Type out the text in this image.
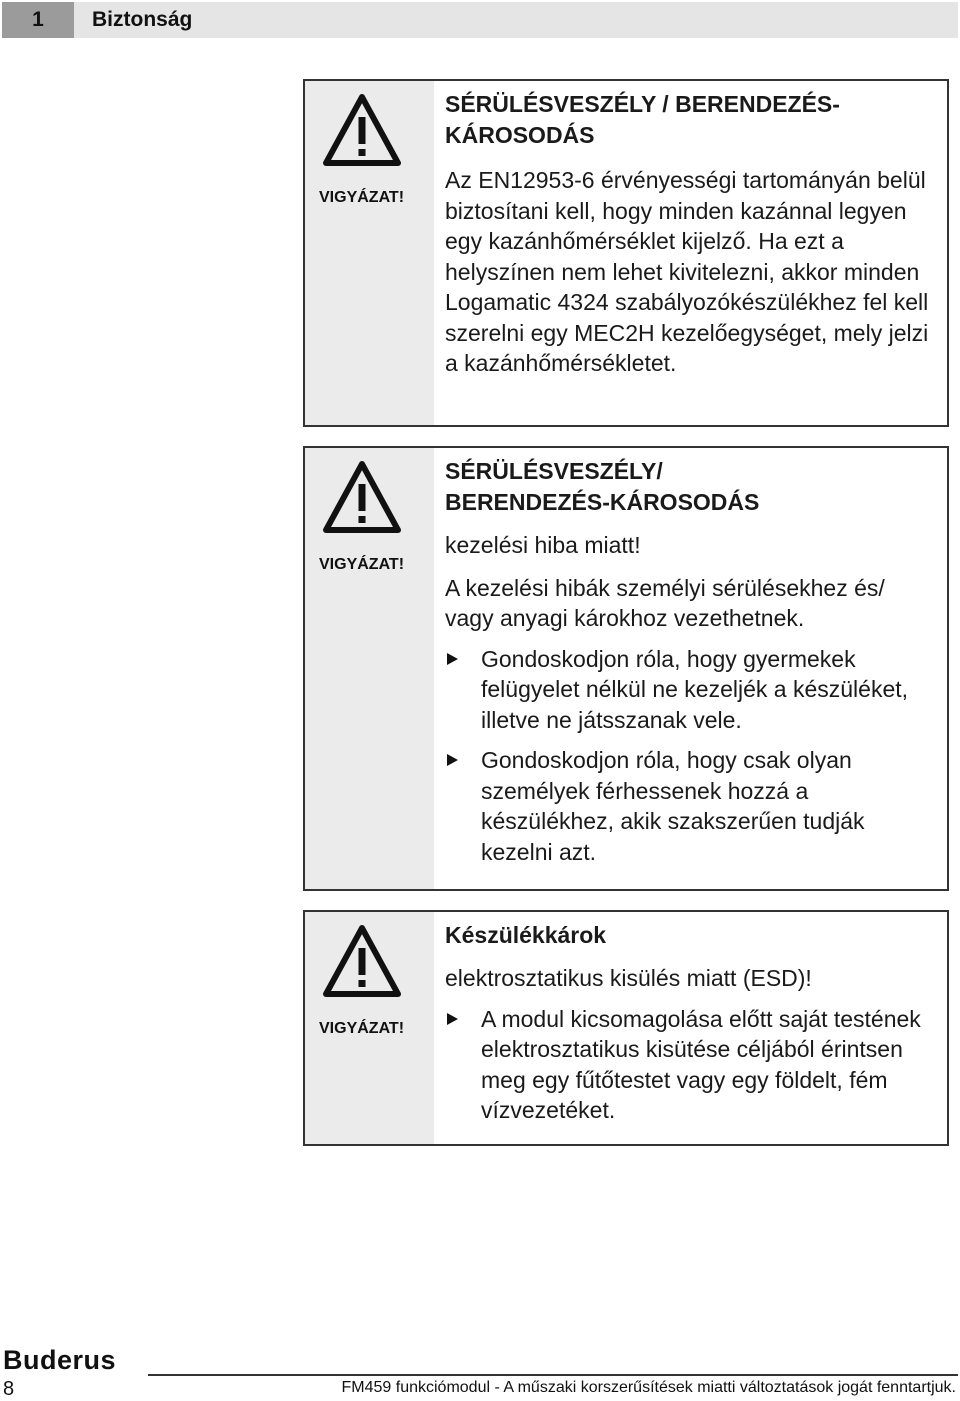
1	Biztonság
VIGYÁZAT!

SÉRÜLÉSVESZÉLY / BERENDEZÉS-
KÁROSODÁS

Az EN12953-6 érvényességi tartományán belül biztosítani kell, hogy minden kazánnal legyen egy kazánhőmérséklet kijelző. Ha ezt a helyszínen nem lehet kivitelezni, akkor minden Logamatic 4324 szabályozókészülékhez fel kell szerelni egy MEC2H kezelőegységet, mely jelzi a kazánhőmérsékletet.

VIGYÁZAT!

SÉRÜLÉSVESZÉLY/
BERENDEZÉS-KÁROSODÁS

kezelési hiba miatt!

A kezelési hibák személyi sérülésekhez és/ vagy anyagi károkhoz vezethetnek.

Gondoskodjon róla, hogy gyermekek felügyelet nélkül ne kezeljék a készüléket, illetve ne játsszanak vele.
Gondoskodjon róla, hogy csak olyan személyek férhessenek hozzá a készülékhez, akik szakszerűen tudják kezelni azt.
VIGYÁZAT!

Készülékkárok

elektrosztatikus kisülés miatt (ESD)!

A modul kicsomagolása előtt saját testének elektrosztatikus kisütése céljából érintsen meg egy fűtőtestet vagy egy földelt, fém vízvezetéket.
Buderus
8	FM459 funkciómodul - A műszaki korszerűsítések miatti változtatások jogát fenntartjuk.
